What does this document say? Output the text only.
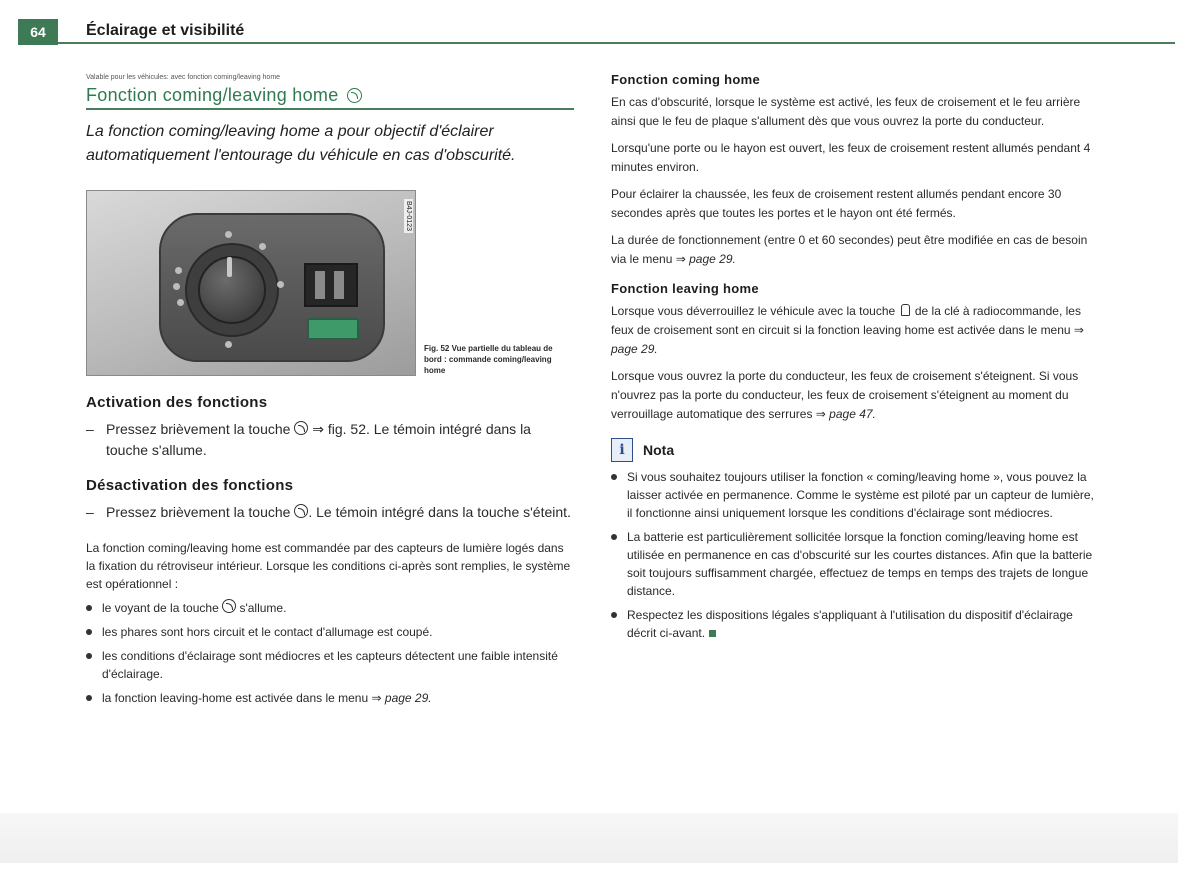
64	Éclairage et visibilité
Valable pour les véhicules: avec fonction coming/leaving home
Fonction coming/leaving home
La fonction coming/leaving home a pour objectif d'éclairer automatiquement l'entourage du véhicule en cas d'obscurité.
B4J-0123
Fig. 52 Vue partielle du tableau de bord : commande coming/leaving home
Activation des fonctions
– Pressez brièvement la touche ⇒ fig. 52. Le témoin intégré dans la touche s'allume.
Désactivation des fonctions
– Pressez brièvement la touche . Le témoin intégré dans la touche s'éteint.

La fonction coming/leaving home est commandée par des capteurs de lumière logés dans la fixation du rétroviseur intérieur. Lorsque les conditions ci-après sont remplies, le système est opérationnel :

le voyant de la touche s'allume.
les phares sont hors circuit et le contact d'allumage est coupé.
les conditions d'éclairage sont médiocres et les capteurs détectent une faible intensité d'éclairage.
la fonction leaving-home est activée dans le menu ⇒ page 29.
Fonction coming home

En cas d'obscurité, lorsque le système est activé, les feux de croisement et le feu arrière ainsi que le feu de plaque s'allument dès que vous ouvrez la porte du conducteur.

Lorsqu'une porte ou le hayon est ouvert, les feux de croisement restent allumés pendant 4 minutes environ.

Pour éclairer la chaussée, les feux de croisement restent allumés pendant encore 30 secondes après que toutes les portes et le hayon ont été fermés.

La durée de fonctionnement (entre 0 et 60 secondes) peut être modifiée en cas de besoin via le menu ⇒ page 29.

Fonction leaving home

Lorsque vous déverrouillez le véhicule avec la touche de la clé à radiocommande, les feux de croisement sont en circuit si la fonction leaving home est activée dans le menu ⇒ page 29.

Lorsque vous ouvrez la porte du conducteur, les feux de croisement s'éteignent. Si vous n'ouvrez pas la porte du conducteur, les feux de croisement s'éteignent au moment du verrouillage automatique des serrures ⇒ page 47.

i	Nota
Si vous souhaitez toujours utiliser la fonction « coming/leaving home », vous pouvez la laisser activée en permanence. Comme le système est piloté par un capteur de lumière, il fonctionne ainsi uniquement lorsque les conditions d'éclairage sont médiocres.
La batterie est particulièrement sollicitée lorsque la fonction coming/leaving home est utilisée en permanence en cas d'obscurité sur les courtes distances. Afin que la batterie soit toujours suffisamment chargée, effectuez de temps en temps des trajets de longue distance.
Respectez les dispositions légales s'appliquant à l'utilisation du dispositif d'éclairage décrit ci-avant.
